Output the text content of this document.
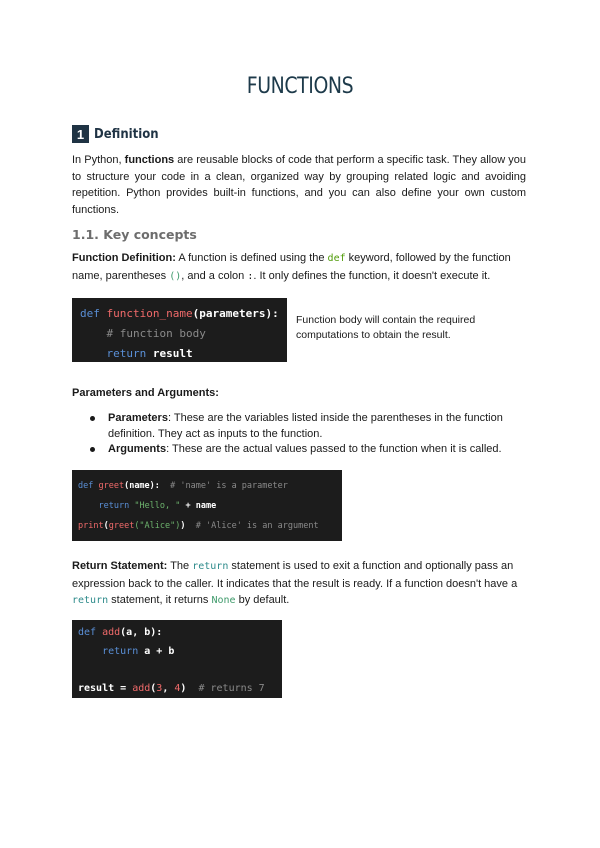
FUNCTIONS
1 Definition

In Python, functions are reusable blocks of code that perform a specific task. They allow you to structure your code in a clean, organized way by grouping related logic and avoiding repetition. Python provides built-in functions, and you can also define your own custom functions.

1.1. Key concepts

Function Definition: A function is defined using the def keyword, followed by the function name, parentheses (), and a colon :. It only defines the function, it doesn't execute it.

def function_name(parameters):
# function body
return result

Function body will contain the required computations to obtain the result.

Parameters and Arguments:

Parameters: These are the variables listed inside the parentheses in the function definition. They act as inputs to the function.
Arguments: These are the actual values passed to the function when it is called.
def greet(name): # 'name' is a parameter
return "Hello, " + name
print(greet("Alice")) # 'Alice' is an argument

Return Statement: The return statement is used to exit a function and optionally pass an expression back to the caller. It indicates that the result is ready. If a function doesn't have a return statement, it returns None by default.

def add(a, b):
return a + b

result = add(3, 4) # returns 7
